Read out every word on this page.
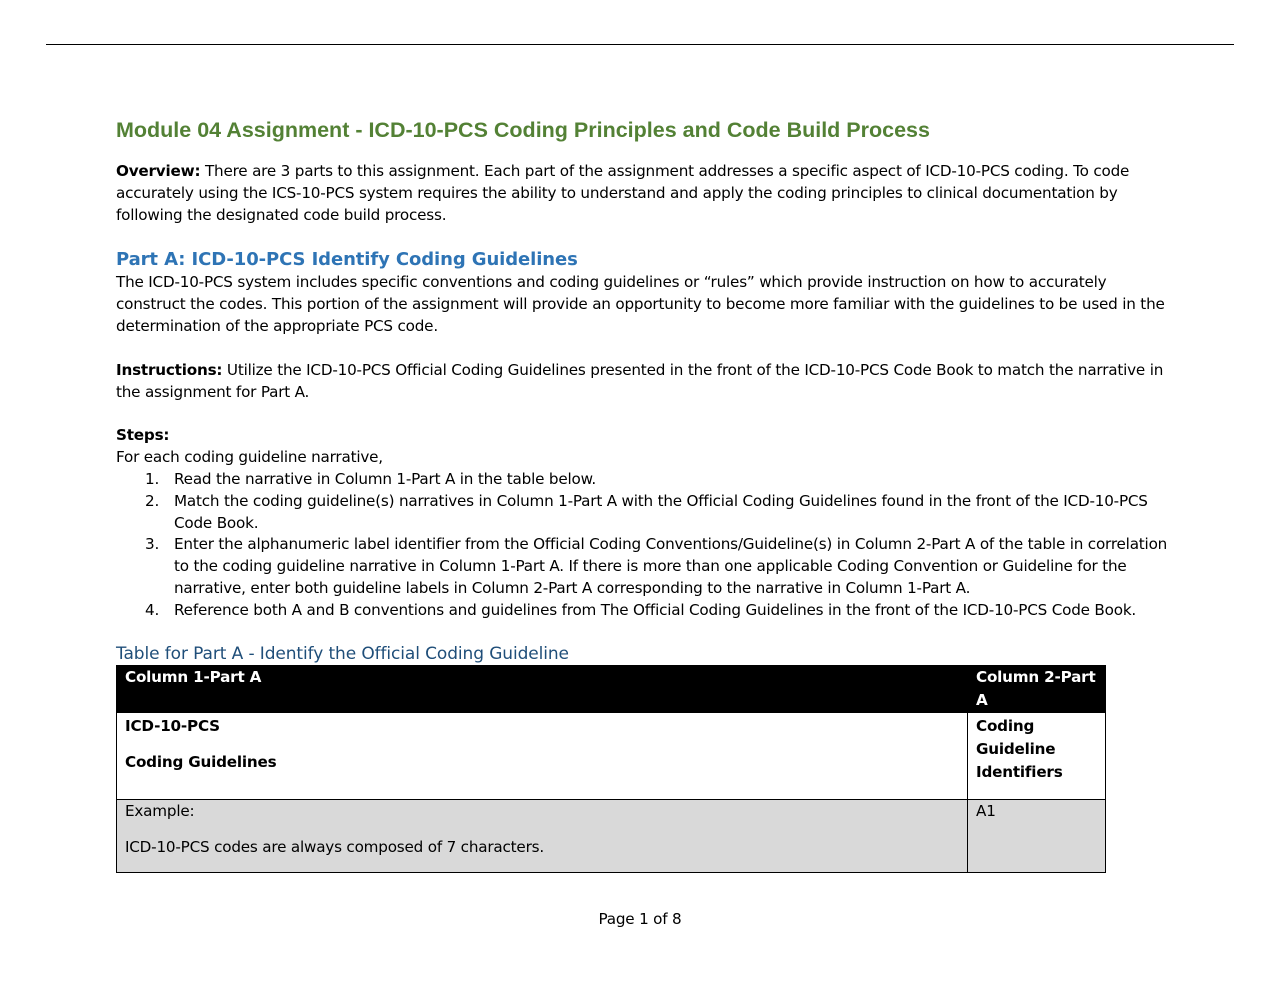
Module 04 Assignment - ICD-10-PCS Coding Principles and Code Build Process

Overview: There are 3 parts to this assignment. Each part of the assignment addresses a specific aspect of ICD-10-PCS coding. To code accurately using the ICS-10-PCS system requires the ability to understand and apply the coding principles to clinical documentation by following the designated code build process.

Part A: ICD-10-PCS Identify Coding Guidelines

The ICD-10-PCS system includes specific conventions and coding guidelines or “rules” which provide instruction on how to accurately construct the codes. This portion of the assignment will provide an opportunity to become more familiar with the guidelines to be used in the determination of the appropriate PCS code.

Instructions: Utilize the ICD-10-PCS Official Coding Guidelines presented in the front of the ICD-10-PCS Code Book to match the narrative in the assignment for Part A.

Steps:

For each coding guideline narrative,

Read the narrative in Column 1-Part A in the table below.
Match the coding guideline(s) narratives in Column 1-Part A with the Official Coding Guidelines found in the front of the ICD-10-PCS Code Book.
Enter the alphanumeric label identifier from the Official Coding Conventions/Guideline(s) in Column 2-Part A of the table in correlation to the coding guideline narrative in Column 1-Part A. If there is more than one applicable Coding Convention or Guideline for the narrative, enter both guideline labels in Column 2-Part A corresponding to the narrative in Column 1-Part A.
Reference both A and B conventions and guidelines from The Official Coding Guidelines in the front of the ICD-10-PCS Code Book.
Table for Part A - Identify the Official Coding Guideline
Column 1-Part A	Column 2-Part A

ICD-10-PCS
Coding Guidelines	Coding Guideline Identifiers

Example:
ICD-10-PCS codes are always composed of 7 characters.	A1
Page 1 of 8
